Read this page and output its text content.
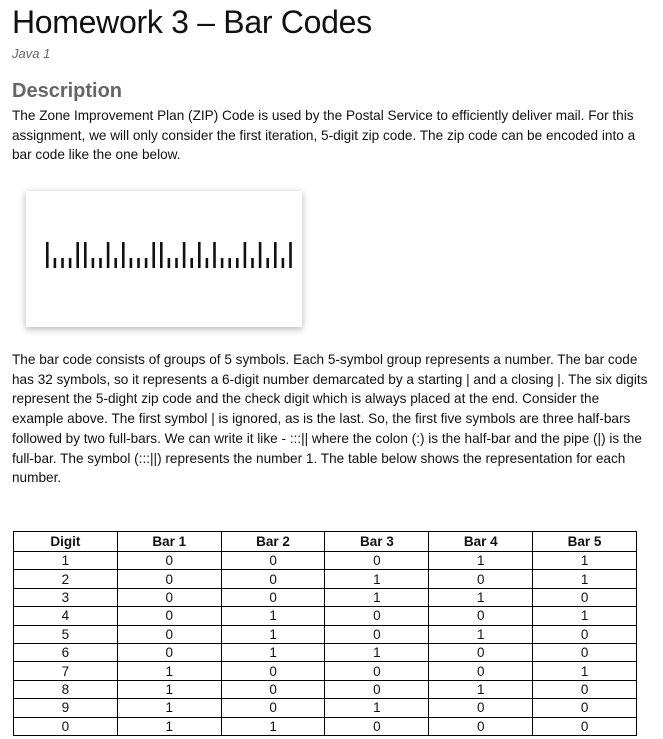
Homework 3 – Bar Codes
Java 1
Description

The Zone Improvement Plan (ZIP) Code is used by the Postal Service to efficiently deliver mail. For this assignment, we will only consider the first iteration, 5-digit zip code. The zip code can be encoded into a bar code like the one below.

The bar code consists of groups of 5 symbols. Each 5-symbol group represents a number. The bar code has 32 symbols, so it represents a 6-digit number demarcated by a starting | and a closing |. The six digits represent the 5-dight zip code and the check digit which is always placed at the end. Consider the example above. The first symbol | is ignored, as is the last. So, the first five symbols are three half-bars followed by two full-bars. We can write it like - :::|| where the colon (:) is the half-bar and the pipe (|) is the full-bar. The symbol (:::||) represents the number 1. The table below shows the representation for each number.

Digit	Bar 1	Bar 2	Bar 3	Bar 4	Bar 5
1	0	0	0	1	1
2	0	0	1	0	1
3	0	0	1	1	0
4	0	1	0	0	1
5	0	1	0	1	0
6	0	1	1	0	0
7	1	0	0	0	1
8	1	0	0	1	0
9	1	0	1	0	0
0	1	1	0	0	0
